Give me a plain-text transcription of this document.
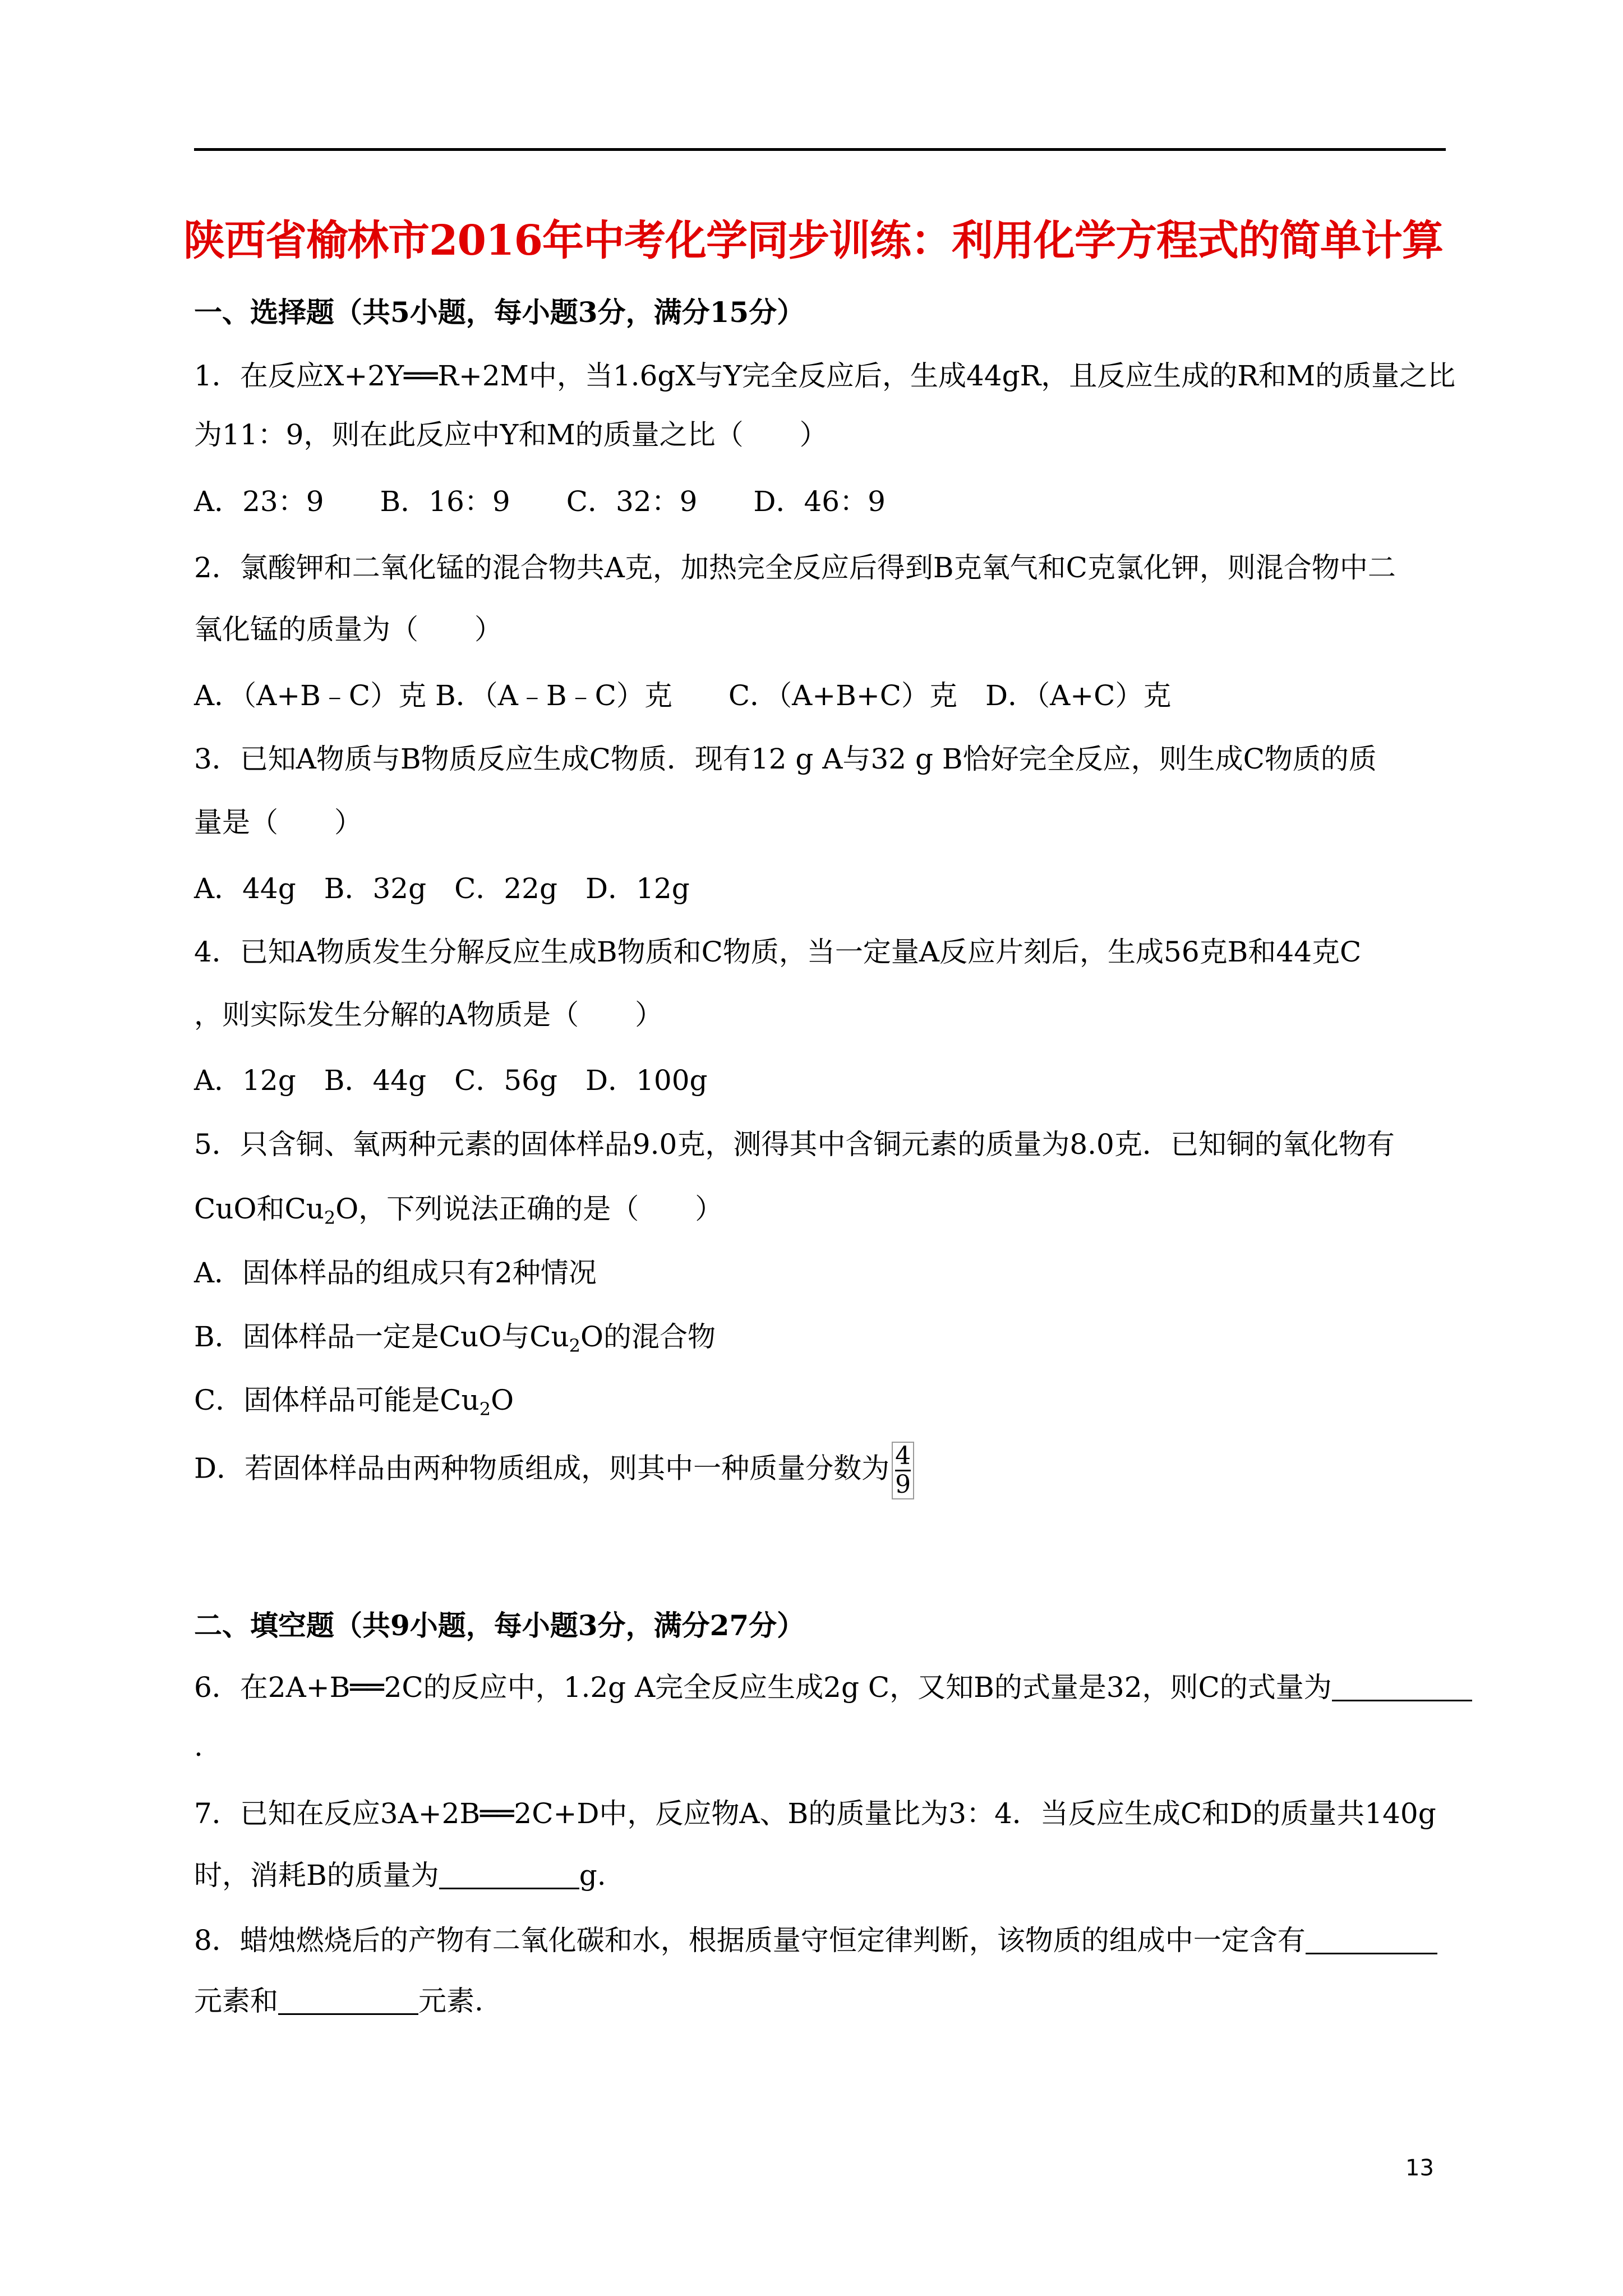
陕西省榆林市2016年中考化学同步训练：利用化学方程式的简单计算
一、选择题（共5小题，每小题3分，满分15分）
1．在反应X+2Y══R+2M中，当1.6gX与Y完全反应后，生成44gR，且反应生成的R和M的质量之比
为11：9，则在此反应中Y和M的质量之比（　　）
A．23：9　　B．16：9　　C．32：9　　D．46：9
2．氯酸钾和二氧化锰的混合物共A克，加热完全反应后得到B克氧气和C克氯化钾，则混合物中二
氧化锰的质量为（　　）
A．（A+B﹣C）克 B．（A﹣B﹣C）克　　C．（A+B+C）克　D．（A+C）克
3．已知A物质与B物质反应生成C物质．现有12 g A与32 g B恰好完全反应，则生成C物质的质
量是（　　）
A．44g　B．32g　C．22g　D．12g
4．已知A物质发生分解反应生成B物质和C物质，当一定量A反应片刻后，生成56克B和44克C
，则实际发生分解的A物质是（　　）
A．12g　B．44g　C．56g　D．100g
5．只含铜、氧两种元素的固体样品9.0克，测得其中含铜元素的质量为8.0克．已知铜的氧化物有
CuO和$Cu_2O$，下列说法正确的是（　　）
A．固体样品的组成只有2种情况
B．固体样品一定是CuO与$Cu_2O$的混合物
C．固体样品可能是$Cu_2O$
D．若固体样品由两种物质组成，则其中一种质量分数为 $\frac{4}{9}$
二、填空题（共9小题，每小题3分，满分27分）
6．在2A+B══2C的反应中，1.2g A完全反应生成2g C，又知B的式量是32，则C的式量为
.
7．已知在反应3A+2B══2C+D中，反应物A、B的质量比为3：4．当反应生成C和D的质量共140g
时，消耗B的质量为	g.
8．蜡烛燃烧后的产物有二氧化碳和水，根据质量守恒定律判断，该物质的组成中一定含有
元素和	元素.
13
